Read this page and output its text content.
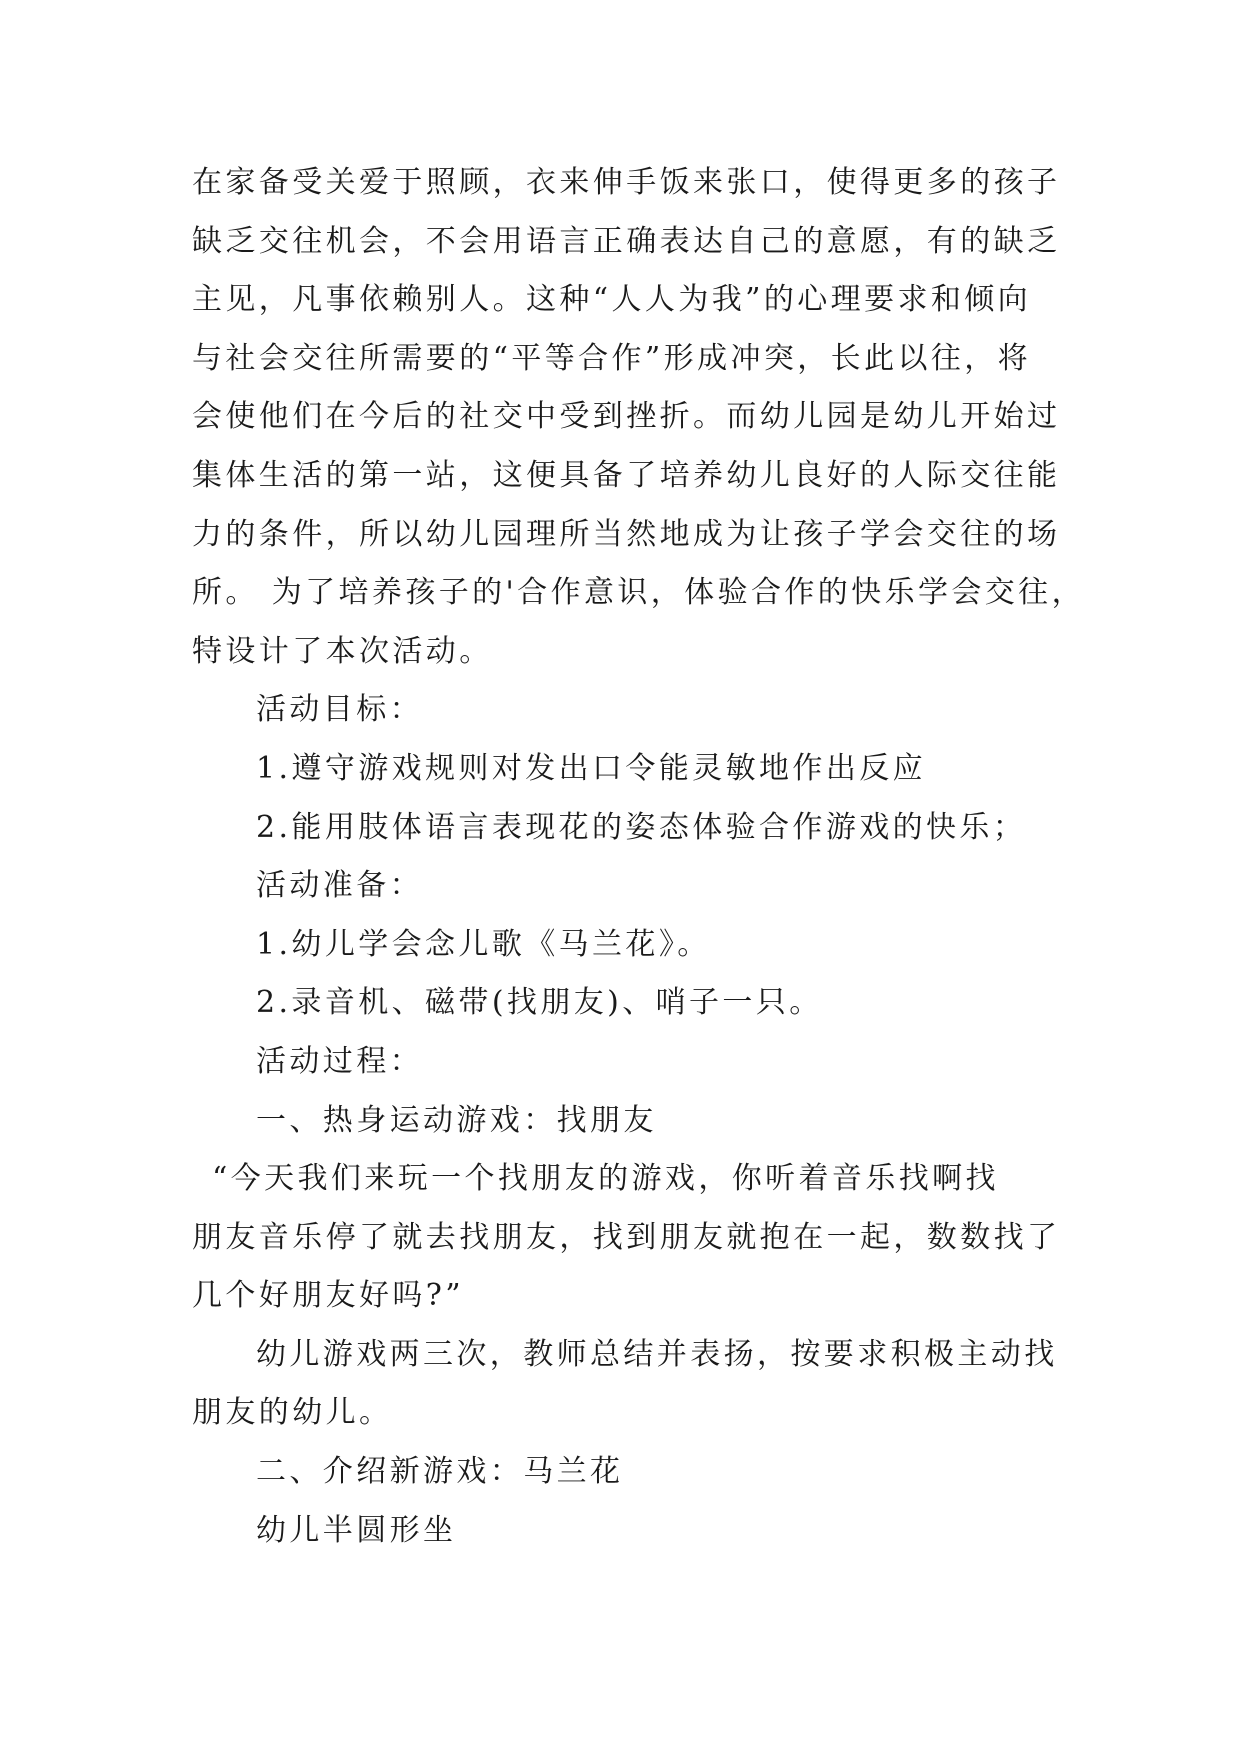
在家备受关爱于照顾，衣来伸手饭来张口，使得更多的孩子
缺乏交往机会，不会用语言正确表达自己的意愿，有的缺乏
主见，凡事依赖别人。这种“人人为我”的心理要求和倾向
与社会交往所需要的“平等合作”形成冲突，长此以往，将
会使他们在今后的社交中受到挫折。而幼儿园是幼儿开始过
集体生活的第一站，这便具备了培养幼儿良好的人际交往能
力的条件，所以幼儿园理所当然地成为让孩子学会交往的场
所。 为了培养孩子的'合作意识，体验合作的快乐学会交往，
特设计了本次活动。
活动目标：
1.遵守游戏规则对发出口令能灵敏地作出反应
2.能用肢体语言表现花的姿态体验合作游戏的快乐；
活动准备：
1.幼儿学会念儿歌《马兰花》。
2.录音机、磁带(找朋友)、哨子一只。
活动过程：
一、热身运动游戏：找朋友
“今天我们来玩一个找朋友的游戏，你听着音乐找啊找
朋友音乐停了就去找朋友，找到朋友就抱在一起，数数找了
几个好朋友好吗?”
幼儿游戏两三次，教师总结并表扬，按要求积极主动找
朋友的幼儿。
二、介绍新游戏：马兰花
幼儿半圆形坐
